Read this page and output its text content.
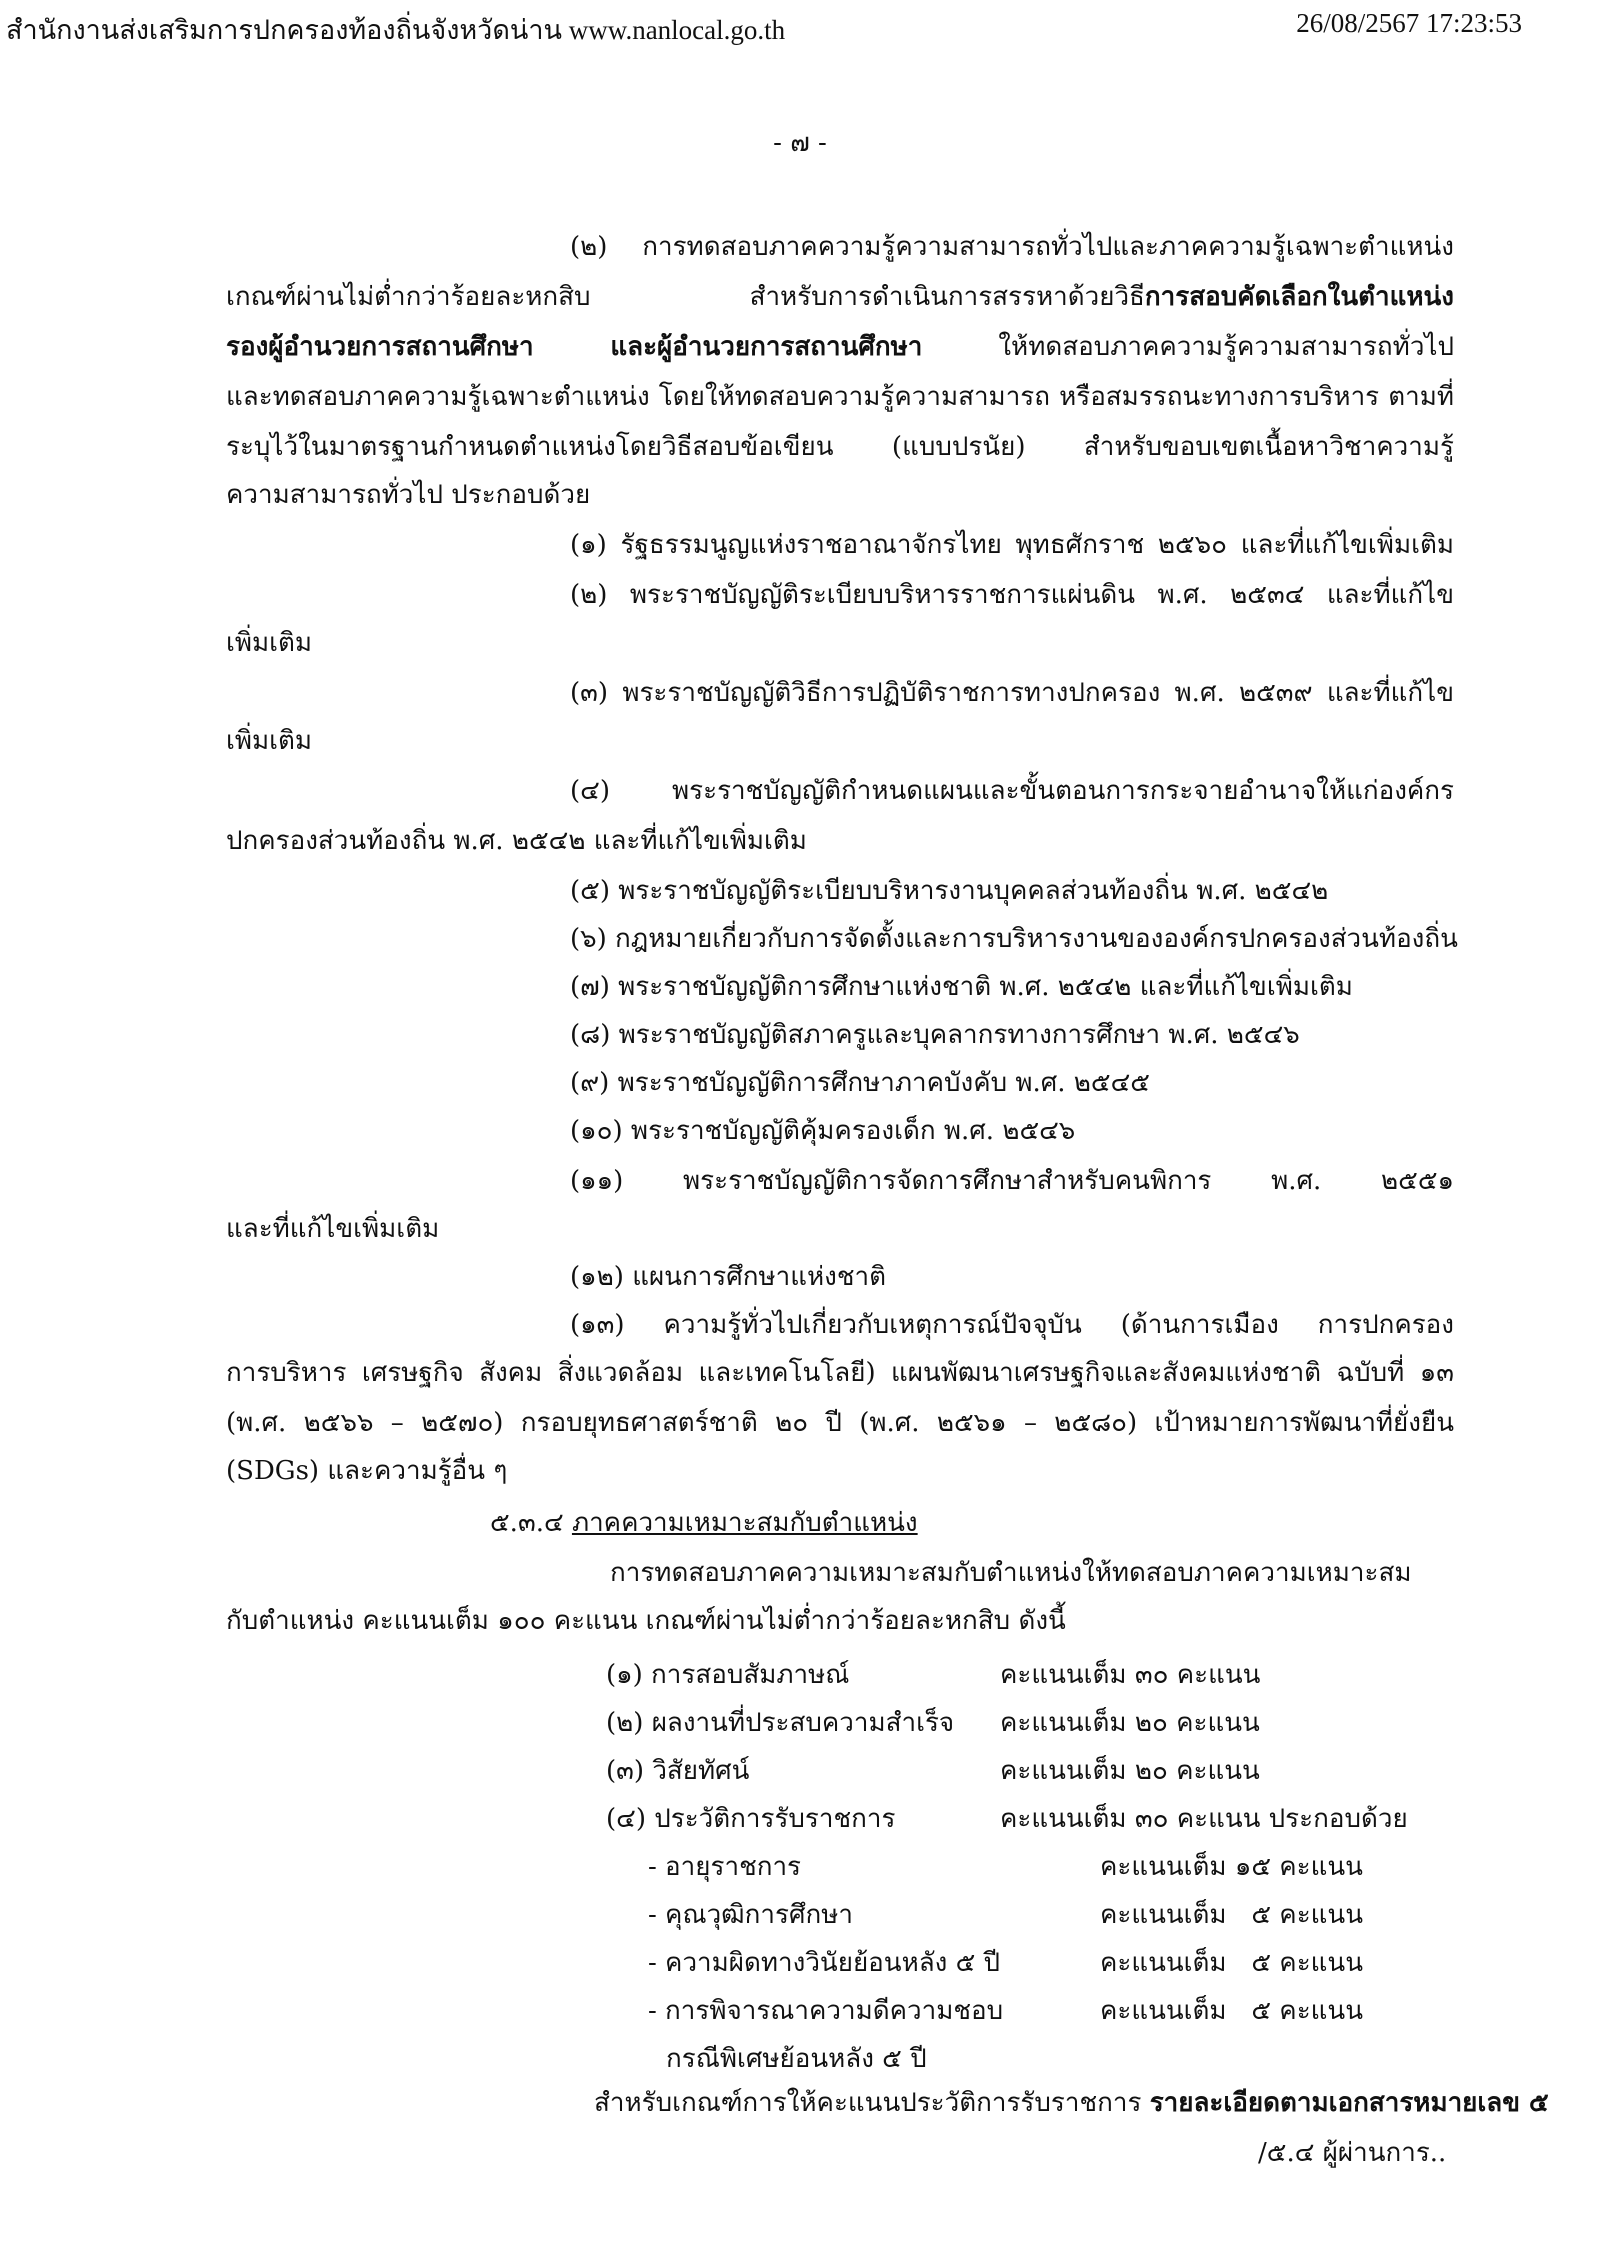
สำนักงานส่งเสริมการปกครองท้องถิ่นจังหวัดน่าน www.nanlocal.go.th	26/08/2567 17:23:53
- ๗ -
(๒) การทดสอบภาคความรู้ความสามารถทั่วไปและภาคความรู้เฉพาะตำแหน่ง
เกณฑ์ผ่านไม่ต่ำกว่าร้อยละหกสิบ สำหรับการดำเนินการสรรหาด้วยวิธีการสอบคัดเลือกในตำแหน่ง
รองผู้อำนวยการสถานศึกษา และผู้อำนวยการสถานศึกษา ให้ทดสอบภาคความรู้ความสามารถทั่วไป
และทดสอบภาคความรู้เฉพาะตำแหน่ง โดยให้ทดสอบความรู้ความสามารถ หรือสมรรถนะทางการบริหาร ตามที่
ระบุไว้ในมาตรฐานกำหนดตำแหน่งโดยวิธีสอบข้อเขียน (แบบปรนัย) สำหรับขอบเขตเนื้อหาวิชาความรู้
ความสามารถทั่วไป ประกอบด้วย
(๑) รัฐธรรมนูญแห่งราชอาณาจักรไทย พุทธศักราช ๒๕๖๐ และที่แก้ไขเพิ่มเติม
(๒) พระราชบัญญัติระเบียบบริหารราชการแผ่นดิน พ.ศ. ๒๕๓๔ และที่แก้ไข
เพิ่มเติม
(๓) พระราชบัญญัติวิธีการปฏิบัติราชการทางปกครอง พ.ศ. ๒๕๓๙ และที่แก้ไข
เพิ่มเติม
(๔) พระราชบัญญัติกำหนดแผนและขั้นตอนการกระจายอำนาจให้แก่องค์กร
ปกครองส่วนท้องถิ่น พ.ศ. ๒๕๔๒ และที่แก้ไขเพิ่มเติม
(๕) พระราชบัญญัติระเบียบบริหารงานบุคคลส่วนท้องถิ่น พ.ศ. ๒๕๔๒
(๖) กฎหมายเกี่ยวกับการจัดตั้งและการบริหารงานขององค์กรปกครองส่วนท้องถิ่น
(๗) พระราชบัญญัติการศึกษาแห่งชาติ พ.ศ. ๒๕๔๒ และที่แก้ไขเพิ่มเติม
(๘) พระราชบัญญัติสภาครูและบุคลากรทางการศึกษา พ.ศ. ๒๕๔๖
(๙) พระราชบัญญัติการศึกษาภาคบังคับ พ.ศ. ๒๕๔๕
(๑๐) พระราชบัญญัติคุ้มครองเด็ก พ.ศ. ๒๕๔๖
(๑๑) พระราชบัญญัติการจัดการศึกษาสำหรับคนพิการ พ.ศ. ๒๕๕๑
และที่แก้ไขเพิ่มเติม
(๑๒) แผนการศึกษาแห่งชาติ
(๑๓) ความรู้ทั่วไปเกี่ยวกับเหตุการณ์ปัจจุบัน (ด้านการเมือง การปกครอง
การบริหาร เศรษฐกิจ สังคม สิ่งแวดล้อม และเทคโนโลยี) แผนพัฒนาเศรษฐกิจและสังคมแห่งชาติ ฉบับที่ ๑๓
(พ.ศ. ๒๕๖๖ – ๒๕๗๐) กรอบยุทธศาสตร์ชาติ ๒๐ ปี (พ.ศ. ๒๕๖๑ – ๒๕๘๐) เป้าหมายการพัฒนาที่ยั่งยืน
(SDGs) และความรู้อื่น ๆ
๕.๓.๔ ภาคความเหมาะสมกับตำแหน่ง
การทดสอบภาคความเหมาะสมกับตำแหน่งให้ทดสอบภาคความเหมาะสม
กับตำแหน่ง คะแนนเต็ม ๑๐๐ คะแนน เกณฑ์ผ่านไม่ต่ำกว่าร้อยละหกสิบ ดังนี้
(๑) การสอบสัมภาษณ์	คะแนนเต็ม ๓๐ คะแนน
(๒) ผลงานที่ประสบความสำเร็จ คะแนนเต็ม ๒๐ คะแนน
(๓) วิสัยทัศน์	คะแนนเต็ม ๒๐ คะแนน
(๔) ประวัติการรับราชการ	คะแนนเต็ม ๓๐ คะแนน ประกอบด้วย
- อายุราชการ	คะแนนเต็ม ๑๕ คะแนน
- คุณวุฒิการศึกษา	คะแนนเต็ม   ๕ คะแนน
- ความผิดทางวินัยย้อนหลัง ๕ ปี	คะแนนเต็ม   ๕ คะแนน
- การพิจารณาความดีความชอบ	คะแนนเต็ม   ๕ คะแนน
กรณีพิเศษย้อนหลัง ๕ ปี
สำหรับเกณฑ์การให้คะแนนประวัติการรับราชการ รายละเอียดตามเอกสารหมายเลข ๕
/๕.๔ ผู้ผ่านการ..
